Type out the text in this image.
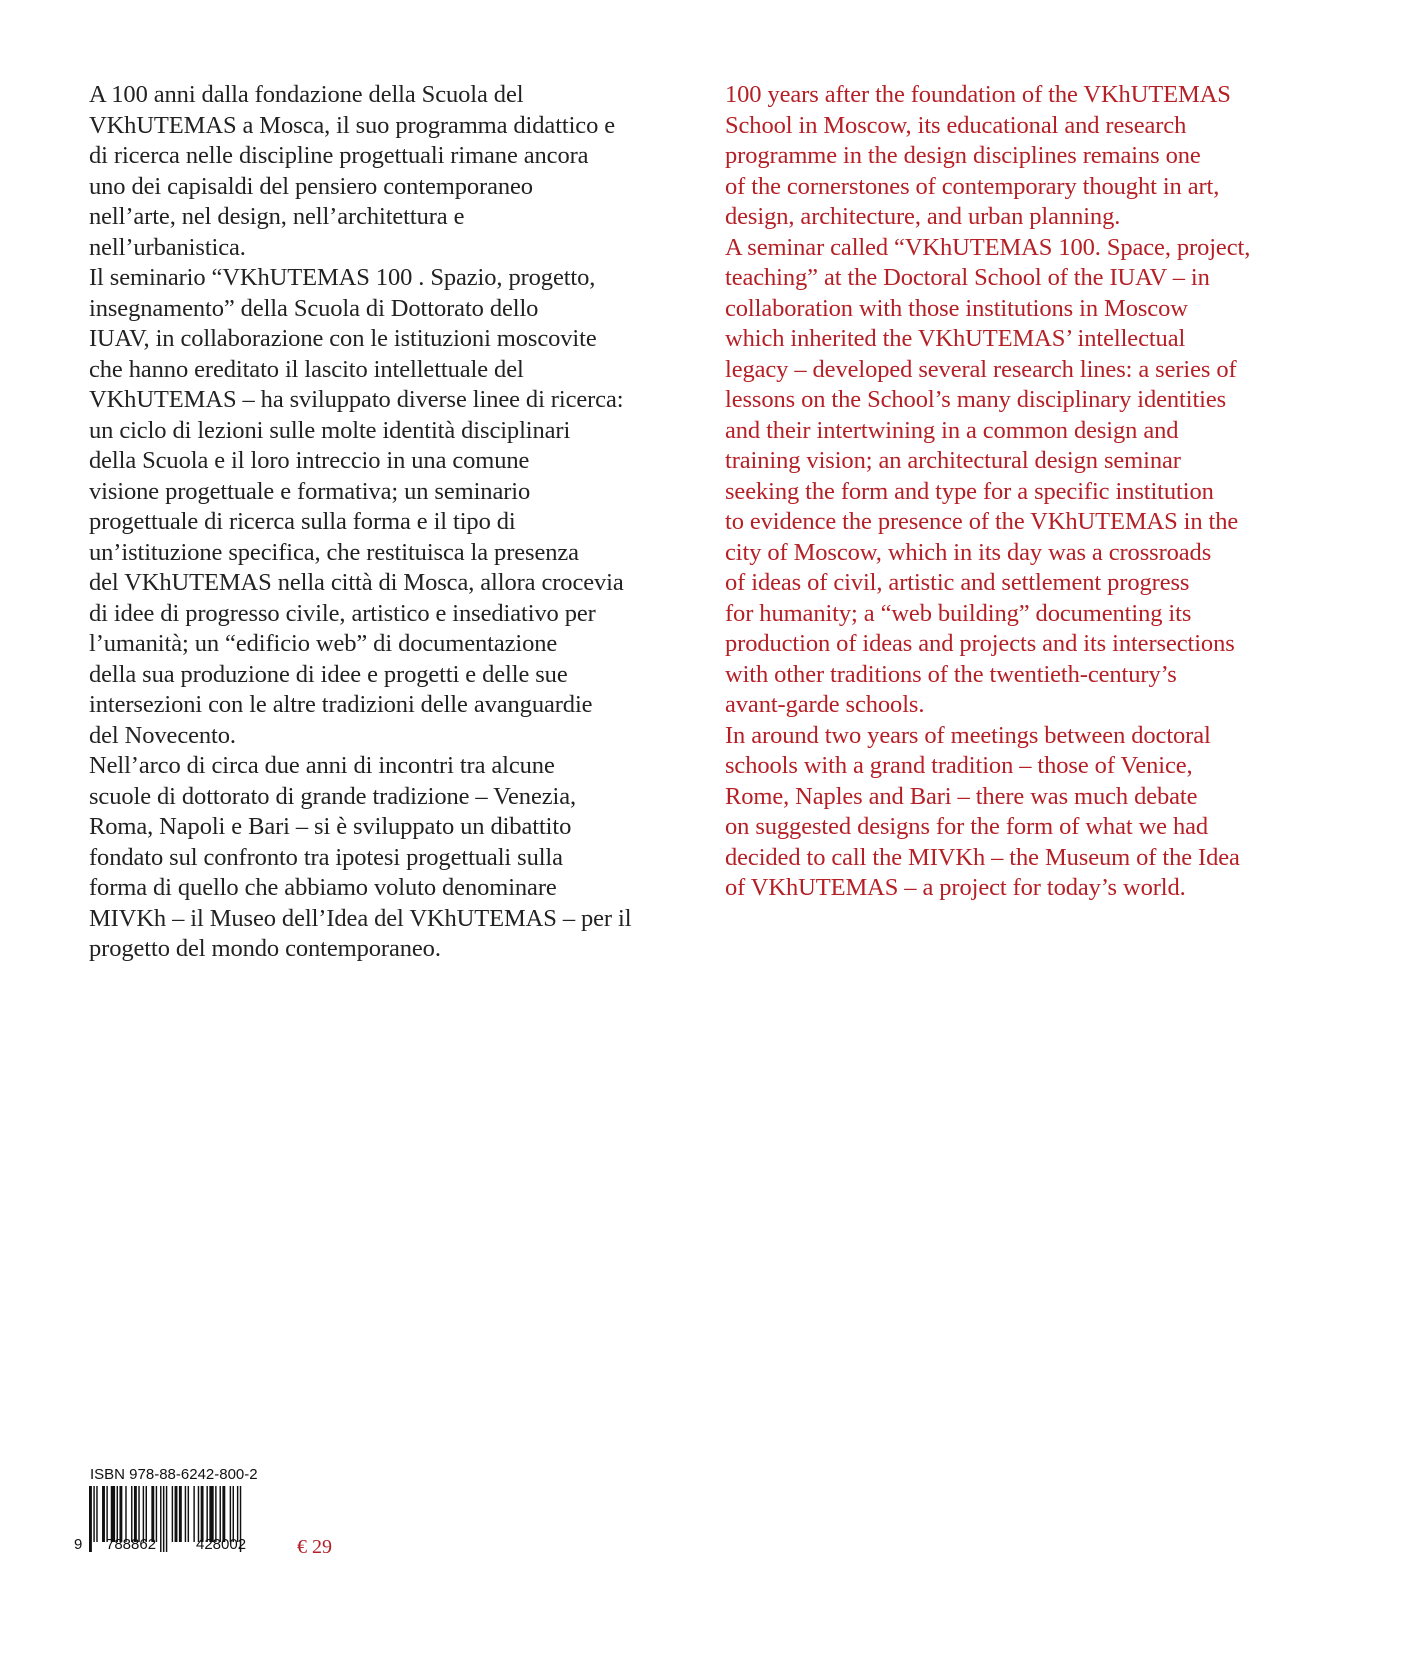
A 100 anni dalla fondazione della Scuola del
VKhUTEMAS a Mosca, il suo programma didattico e
di ricerca nelle discipline progettuali rimane ancora
uno dei capisaldi del pensiero contemporaneo
nell’arte, nel design, nell’architettura e
nell’urbanistica.
Il seminario “VKhUTEMAS 100 . Spazio, progetto,
insegnamento” della Scuola di Dottorato dello
IUAV, in collaborazione con le istituzioni moscovite
che hanno ereditato il lascito intellettuale del
VKhUTEMAS – ha sviluppato diverse linee di ricerca:
un ciclo di lezioni sulle molte identità disciplinari
della Scuola e il loro intreccio in una comune
visione progettuale e formativa; un seminario
progettuale di ricerca sulla forma e il tipo di
un’istituzione specifica, che restituisca la presenza
del VKhUTEMAS nella città di Mosca, allora crocevia
di idee di progresso civile, artistico e insediativo per
l’umanità; un “edificio web” di documentazione
della sua produzione di idee e progetti e delle sue
intersezioni con le altre tradizioni delle avanguardie
del Novecento.
Nell’arco di circa due anni di incontri tra alcune
scuole di dottorato di grande tradizione – Venezia,
Roma, Napoli e Bari – si è sviluppato un dibattito
fondato sul confronto tra ipotesi progettuali sulla
forma di quello che abbiamo voluto denominare
MIVKh – il Museo dell’Idea del VKhUTEMAS – per il
progetto del mondo contemporaneo.
100 years after the foundation of the VKhUTEMAS
School in Moscow, its educational and research
programme in the design disciplines remains one
of the cornerstones of contemporary thought in art,
design, architecture, and urban planning.
A seminar called “VKhUTEMAS 100. Space, project,
teaching” at the Doctoral School of the IUAV – in
collaboration with those institutions in Moscow
which inherited the VKhUTEMAS’ intellectual
legacy – developed several research lines: a series of
lessons on the School’s many disciplinary identities
and their intertwining in a common design and
training vision; an architectural design seminar
seeking the form and type for a specific institution
to evidence the presence of the VKhUTEMAS in the
city of Moscow, which in its day was a crossroads
of ideas of civil, artistic and settlement progress
for humanity; a “web building” documenting its
production of ideas and projects and its intersections
with other traditions of the twentieth-century’s
avant-garde schools.
In around two years of meetings between doctoral
schools with a grand tradition – those of Venice,
Rome, Naples and Bari – there was much debate
on suggested designs for the form of what we had
decided to call the MIVKh – the Museum of the Idea
of VKhUTEMAS – a project for today’s world.
ISBN 978-88-6242-800-2
9 788862	428002	€ 29
